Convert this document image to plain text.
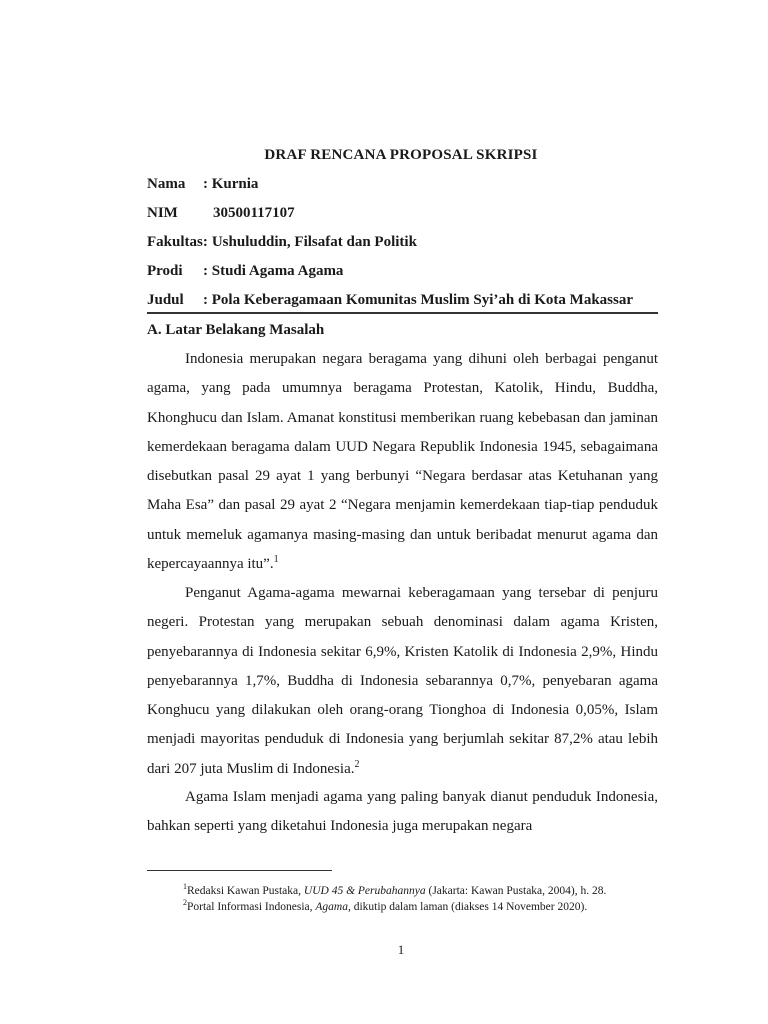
DRAF RENCANA PROPOSAL SKRIPSI
Nama : Kurnia
NIM 30500117107
Fakultas: Ushuluddin, Filsafat dan Politik
Prodi : Studi Agama Agama
Judul : Pola Keberagamaan Komunitas Muslim Syi’ah di Kota Makassar
A. Latar Belakang Masalah

Indonesia merupakan negara beragama yang dihuni oleh berbagai penganut agama, yang pada umumnya beragama Protestan, Katolik, Hindu, Buddha, Khonghucu dan Islam. Amanat konstitusi memberikan ruang kebebasan dan jaminan kemerdekaan beragama dalam UUD Negara Republik Indonesia 1945, sebagaimana disebutkan pasal 29 ayat 1 yang berbunyi “Negara berdasar atas Ketuhanan yang Maha Esa” dan pasal 29 ayat 2 “Negara menjamin kemerdekaan tiap-tiap penduduk untuk memeluk agamanya masing-masing dan untuk beribadat menurut agama dan kepercayaannya itu”.$^1$

Penganut Agama-agama mewarnai keberagamaan yang tersebar di penjuru negeri. Protestan yang merupakan sebuah denominasi dalam agama Kristen, penyebarannya di Indonesia sekitar 6,9%, Kristen Katolik di Indonesia 2,9%, Hindu penyebarannya 1,7%, Buddha di Indonesia sebarannya 0,7%, penyebaran agama Konghucu yang dilakukan oleh orang-orang Tionghoa di Indonesia 0,05%, Islam menjadi mayoritas penduduk di Indonesia yang berjumlah sekitar 87,2% atau lebih dari 207 juta Muslim di Indonesia.$^2$

Agama Islam menjadi agama yang paling banyak dianut penduduk Indonesia, bahkan seperti yang diketahui Indonesia juga merupakan negara

$^1$Redaksi Kawan Pustaka, UUD 45 & Perubahannya (Jakarta: Kawan Pustaka, 2004), h. 28.
$^2$Portal Informasi Indonesia, Agama, dikutip dalam laman (diakses 14 November 2020).
1
